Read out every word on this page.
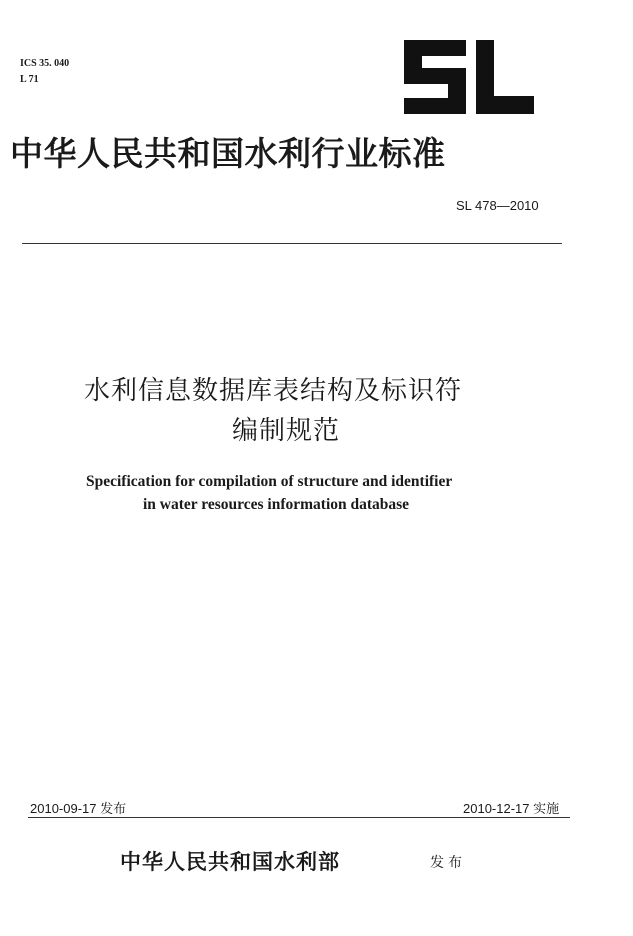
ICS 35. 040
L 71
中华人民共和国水利行业标准
SL 478—2010
水利信息数据库表结构及标识符
编制规范
Specification for compilation of structure and identifier
in water resources information database
2010-09-17 发布	2010-12-17 实施
中华人民共和国水利部	发布
